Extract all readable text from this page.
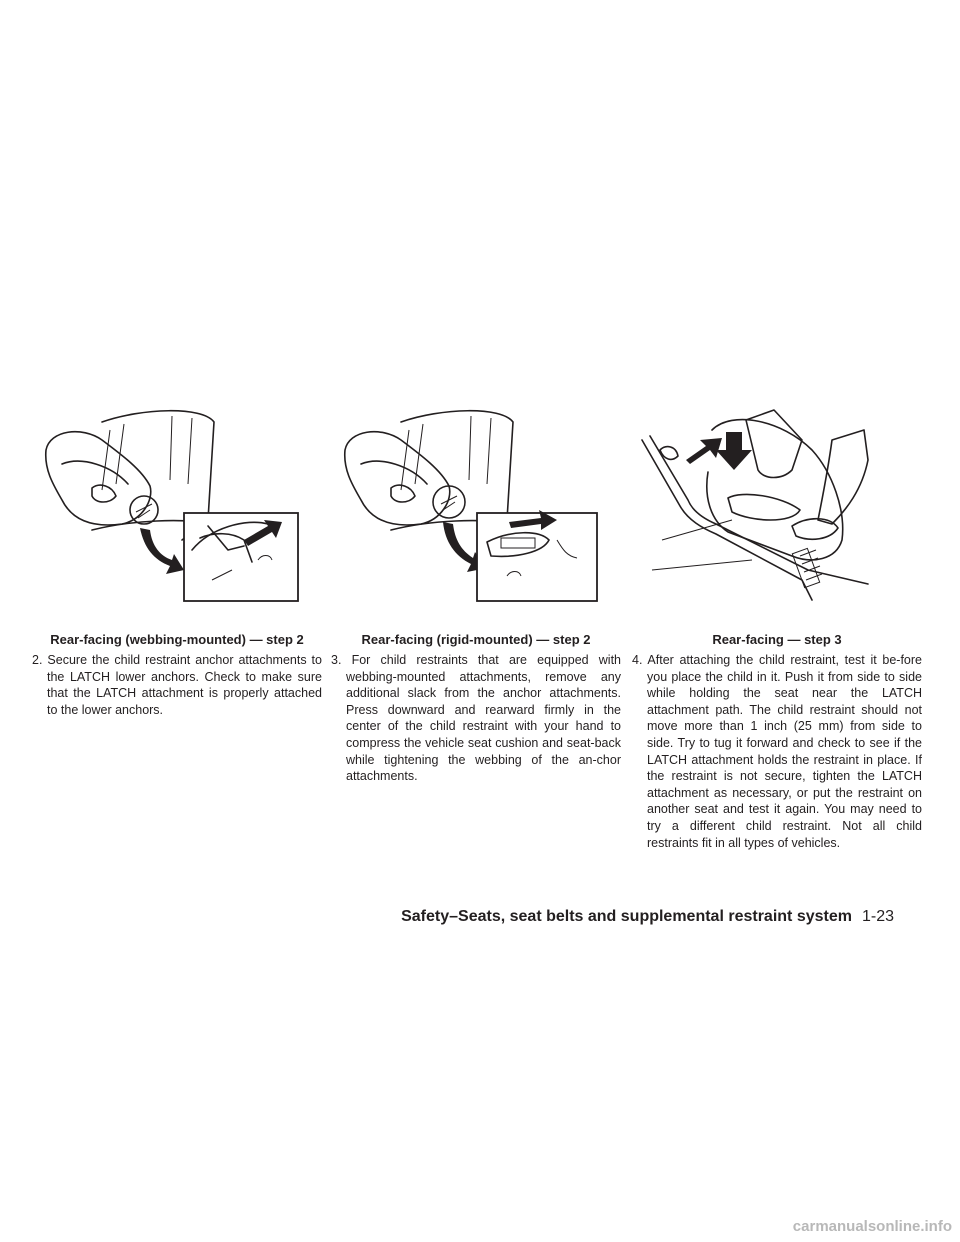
Rear-facing (webbing-mounted) — step 2

2. Secure the child restraint anchor attachments to the LATCH lower anchors. Check to make sure that the LATCH attachment is properly attached to the lower anchors.

Rear-facing (rigid-mounted) — step 2

3. For child restraints that are equipped with webbing-mounted attachments, remove any additional slack from the anchor attachments. Press downward and rearward firmly in the center of the child restraint with your hand to compress the vehicle seat cushion and seat-back while tightening the webbing of the an-chor attachments.

Rear-facing — step 3

4. After attaching the child restraint, test it be-fore you place the child in it. Push it from side to side while holding the seat near the LATCH attachment path. The child restraint should not move more than 1 inch (25 mm) from side to side. Try to tug it forward and check to see if the LATCH attachment holds the restraint in place. If the restraint is not secure, tighten the LATCH attachment as necessary, or put the restraint on another seat and test it again. You may need to try a different child restraint. Not all child restraints fit in all types of vehicles.

Safety–Seats, seat belts and supplemental restraint system 1-23
carmanualsonline.info
